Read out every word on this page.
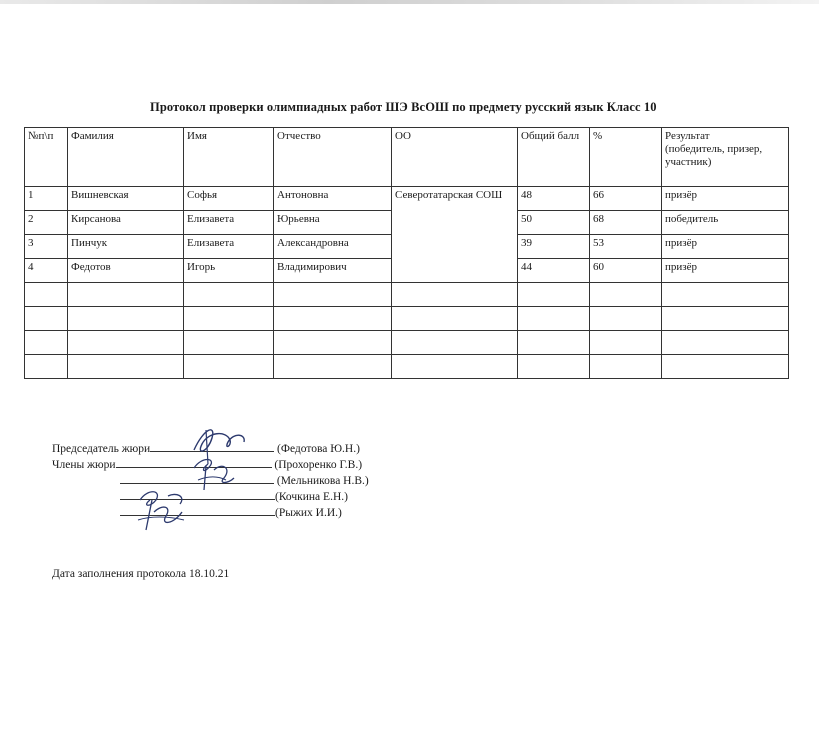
Протокол проверки олимпиадных работ ШЭ ВсОШ по предмету русский язык Класс 10
№п\п	Фамилия	Имя	Отчество	ОО	Общий балл	%	Результат
(победитель, призер, участник)
1	Вишневская	Софья	Антоновна	Северотатарская СОШ	48	66	призёр
2	Кирсанова	Елизавета	Юрьевна		50	68	победитель
3	Пинчук	Елизавета	Александровна		39	53	призёр
4	Федотов	Игорь	Владимирович		44	60	призёр

Председатель жюри	(Федотова Ю.Н.)
Члены жюри	(Прохоренко Г.В.)
(Мельникова Н.В.)
(Кочкина Е.Н.)
(Рыжих И.И.)
Дата заполнения протокола 18.10.21
